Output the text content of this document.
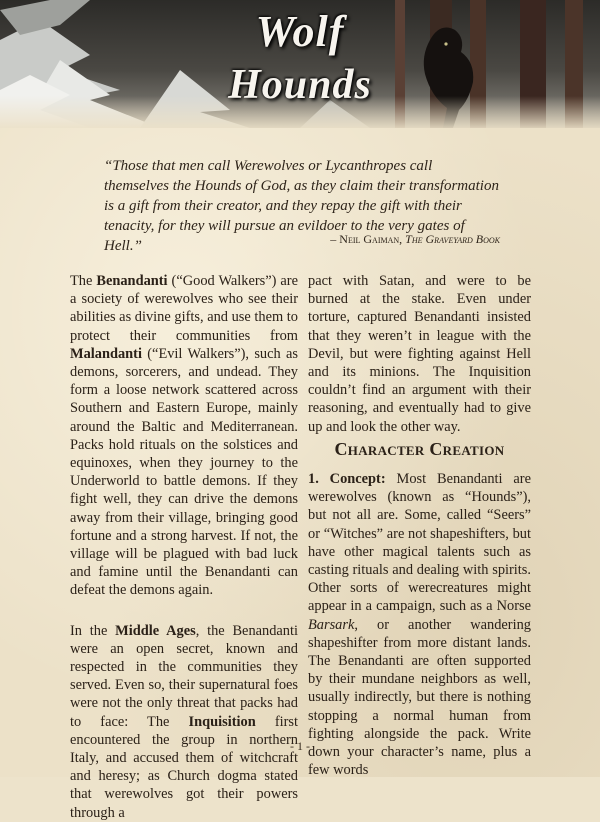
Wolf
Hounds
“Those that men call Werewolves or Lycanthropes call themselves the Hounds of God, as they claim their transformation is a gift from their creator, and they repay the gift with their tenacity, for they will pursue an evildoer to the very gates of Hell.”	– Neil Gaiman, The Graveyard Book

The Benandanti (“Good Walkers”) are a society of werewolves who see their abilities as divine gifts, and use them to protect their communities from Malandanti (“Evil Walkers”), such as demons, sorcerers, and undead. They form a loose network scattered across Southern and Eastern Europe, mainly around the Baltic and Mediterranean. Packs hold rituals on the solstices and equinoxes, when they journey to the Underworld to battle demons. If they fight well, they can drive the demons away from their village, bringing good fortune and a strong harvest. If not, the village will be plagued with bad luck and famine until the Benandanti can defeat the demons again.

In the Middle Ages, the Benandanti were an open secret, known and respected in the communities they served. Even so, their supernatural foes were not the only threat that packs had to face: The Inquisition first encountered the group in northern Italy, and accused them of witchcraft and heresy; as Church dogma stated that werewolves got their powers through a

pact with Satan, and were to be burned at the stake. Even under torture, captured Benandanti insisted that they weren’t in league with the Devil, but were fighting against Hell and its minions. The Inquisition couldn’t find an argument with their reasoning, and eventually had to give up and look the other way.

Character Creation

1. Concept: Most Benandanti are werewolves (known as “Hounds”), but not all are. Some, called “Seers” or “Witches” are not shapeshifters, but have other magical talents such as casting rituals and dealing with spirits. Other sorts of werecreatures might appear in a campaign, such as a Norse Barsark, or another wandering shapeshifter from more distant lands. The Benandanti are often supported by their mundane neighbors as well, usually indirectly, but there is nothing stopping a normal human from fighting alongside the pack. Write down your character’s name, plus a few words

- 1 -
